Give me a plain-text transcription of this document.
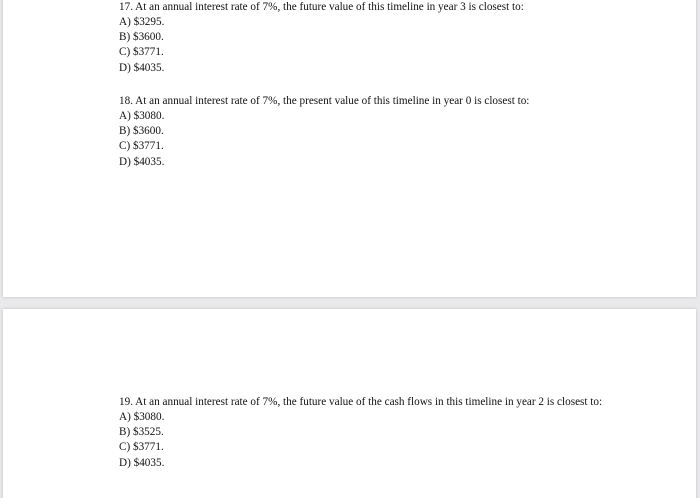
17. At an annual interest rate of 7%, the future value of this timeline in year 3 is closest to:
A) $3295.
B) $3600.
C) $3771.
D) $4035.
18. At an annual interest rate of 7%, the present value of this timeline in year 0 is closest to:
A) $3080.
B) $3600.
C) $3771.
D) $4035.
19. At an annual interest rate of 7%, the future value of the cash flows in this timeline in year 2 is closest to:
A) $3080.
B) $3525.
C) $3771.
D) $4035.
